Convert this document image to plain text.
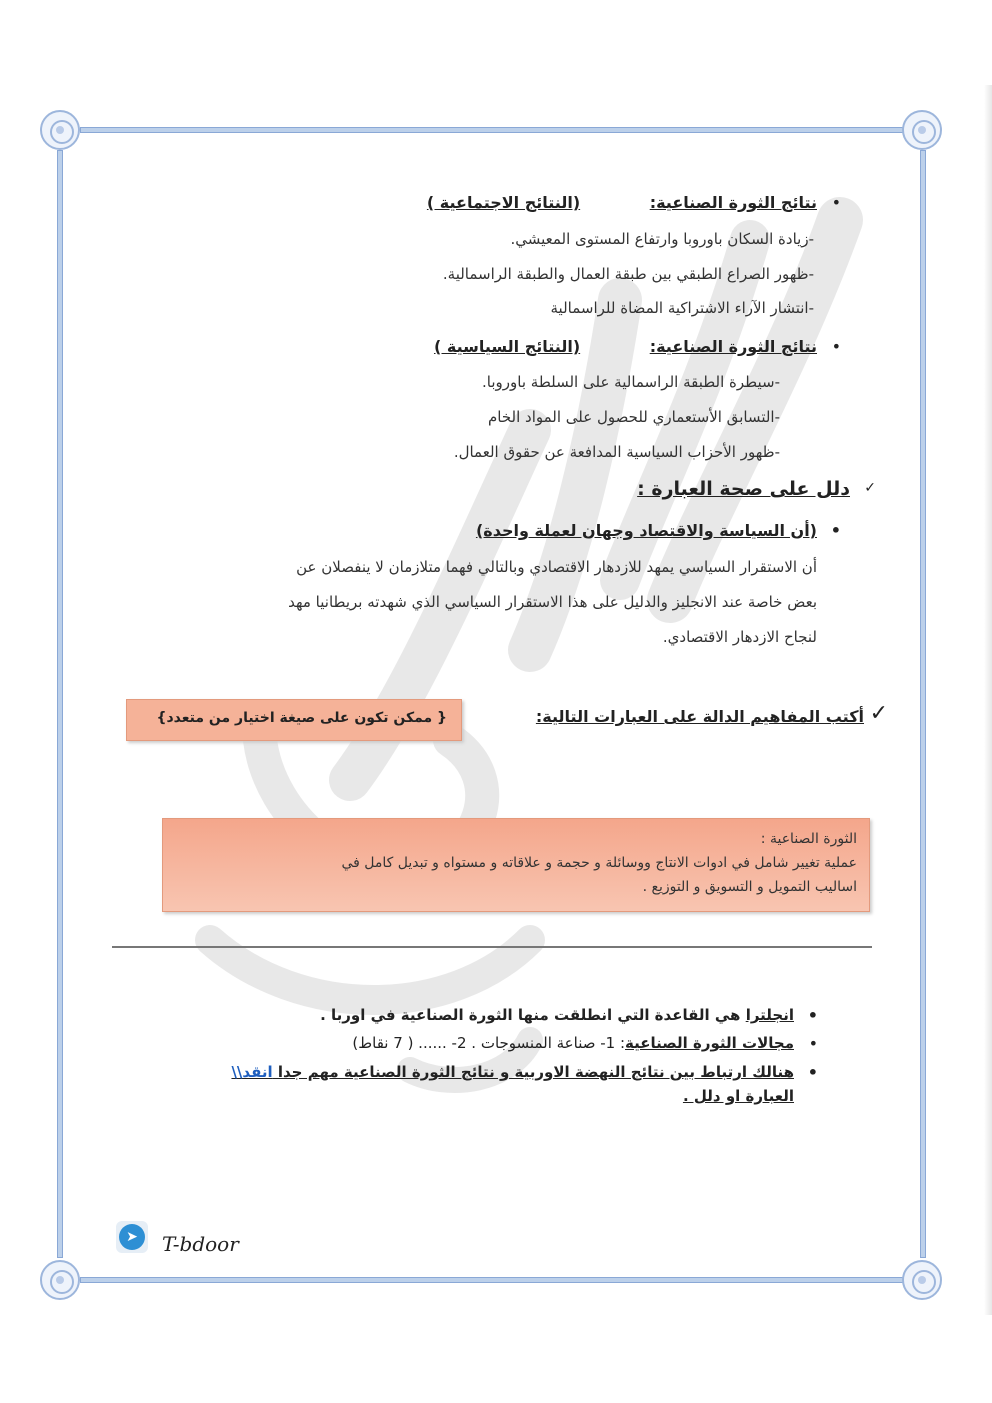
• نتائج الثورة الصناعية:  (النتائج الاجتماعية )
-زيادة السكان باوروبا وارتفاع المستوى المعيشي.
-ظهور الصراع الطبقي بين طبقة العمال والطبقة الراسمالية.
-انتشار الآراء الاشتراكية المضاة للراسمالية
• نتائج الثورة الصناعية:  (النتائج السياسية )
-سيطرة الطبقة الراسمالية على السلطة باوروبا.
-التسابق الأستعماري للحصول على المواد الخام
-ظهور الأحزاب السياسية المدافعة عن حقوق العمال.
✓
دلل على صحة العبارة :
• (أن السياسة والاقتصاد وجهان لعملة واحدة)
أن الاستقرار السياسي يمهد للازدهار الاقتصادي وبالتالي فهما متلازمان لا ينفصلان عن
بعض خاصة عند الانجليز والدليل على هذا الاستقرار السياسي الذي شهدته بريطانيا مهد
لنجاح الازدهار الاقتصادي.
✓
أكتب المفاهيم الدالة على العبارات التالية:
{ ممكن تكون على صيغة اختيار من متعدد}
الثورة الصناعية :
عملية تغيير شامل في ادوات الانتاج ووسائلة و حجمة و علاقاته و مستواه و تبديل كامل في
اساليب التمويل و التسويق و التوزيع .
• انجلترا هي القاعدة التي انطلقت منها الثورة الصناعية في اوربا .
• مجالات الثورة الصناعية: 1- صناعة المنسوجات . 2- ...... ( 7 نقاط)
• هنالك ارتباط بين نتائج النهضة الاوربية و نتائج الثورة الصناعية مهم جدا انقد\\
العبارة او دلل .
➤	T-bdoor
